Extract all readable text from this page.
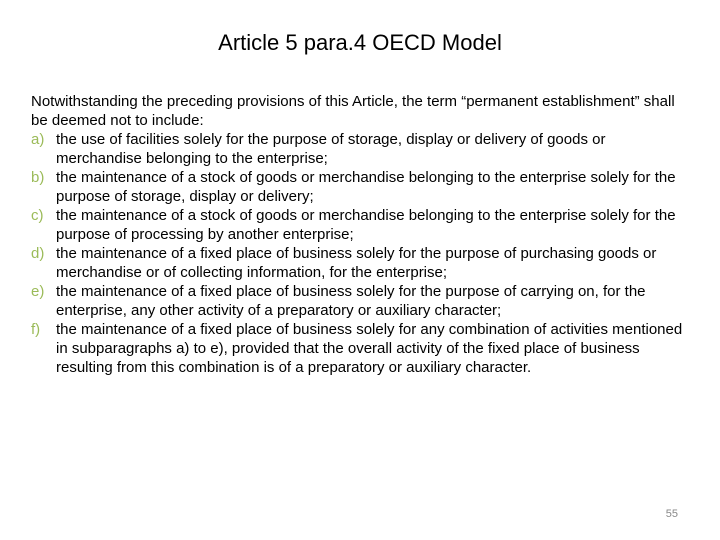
Article 5 para.4 OECD Model

Notwithstanding the preceding provisions of this Article, the term “permanent establishment” shall be deemed not to include:

a) the use of facilities solely for the purpose of storage, display or delivery of goods or merchandise belonging to the enterprise;
b) the maintenance of a stock of goods or merchandise belonging to the enterprise solely for the purpose of storage, display or delivery;
c) the maintenance of a stock of goods or merchandise belonging to the enterprise solely for the purpose of processing by another enterprise;
d) the maintenance of a fixed place of business solely for the purpose of purchasing goods or merchandise or of collecting information, for the enterprise;
e) the maintenance of a fixed place of business solely for the purpose of carrying on, for the enterprise, any other activity of a preparatory or auxiliary character;
f) the maintenance of a fixed place of business solely for any combination of activities mentioned in subparagraphs a) to e), provided that the overall activity of the fixed place of business resulting from this combination is of a preparatory or auxiliary character.
55
